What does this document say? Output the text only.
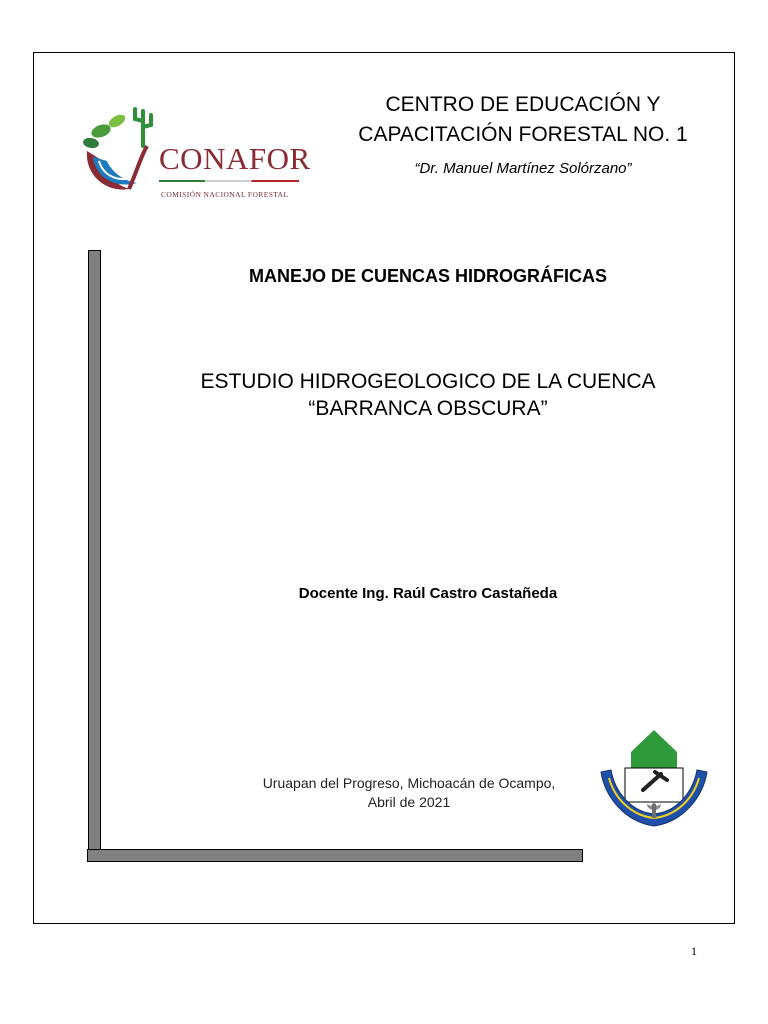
CONAFOR
COMISIÓN NACIONAL FORESTAL
CENTRO DE EDUCACIÓN Y
CAPACITACIÓN FORESTAL NO. 1
“Dr. Manuel Martínez Solórzano”
MANEJO DE CUENCAS HIDROGRÁFICAS
ESTUDIO HIDROGEOLOGICO DE LA CUENCA
“BARRANCA OBSCURA”
Docente Ing. Raúl Castro Castañeda
Uruapan del Progreso, Michoacán de Ocampo,
Abril de 2021
1
